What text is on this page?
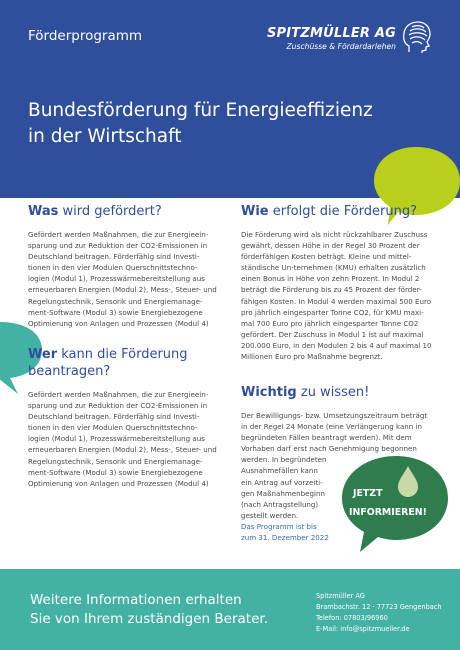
Förderprogramm	SPITZMÜLLER AG
Zuschüsse & Fördardarlehen
Bundesförderung für Energieeffizienz
in der Wirtschaft
Was wird gefördert?
Gefördert werden Maßnahmen, die zur Energieein-
sparung und zur Reduktion der CO2-Emissionen in
Deutschland beitragen. Förderfähig sind Investi-
tionen in den vier Modulen Querschnittstechno-
logien (Modul 1), Prozesswärmebereitstellung aus
erneuerbaren Energien (Modul 2), Mess-, Steuer- und
Regelungstechnik, Sensorik und Energiemanage-
ment-Software (Modul 3) sowie Energiebezogene
Optimierung von Anlagen und Prozessen (Modul 4)
Wer kann die Förderung
beantragen?
Gefördert werden Maßnahmen, die zur Energieein-
sparung und zur Reduktion der CO2-Emissionen in
Deutschland beitragen. Förderfähig sind Investi-
tionen in den vier Modulen Querschnittstechno-
logien (Modul 1), Prozesswärmebereitstellung aus
erneuerbaren Energien (Modul 2), Mess-, Steuer- und
Regelungstechnik, Sensorik und Energiemanage-
ment-Software (Modul 3) sowie Energiebezogene
Optimierung von Anlagen und Prozessen (Modul 4)
Wie erfolgt die Förderung?
Die Förderung wird als nicht rückzahlbarer Zuschuss
gewährt, dessen Höhe in der Regel 30 Prozent der
förderfähigen Kosten beträgt. Kleine und mittel-
ständische Un-ternehmen (KMU) erhalten zusätzlich
einen Bonus in Höhe von zehn Prozent. In Modul 2
beträgt die Förderung bis zu 45 Prozent der förder-
fähigen Kosten. In Modul 4 werden maximal 500 Euro
pro jährlich eingesparter Tonne CO2, für KMU maxi-
mal 700 Euro pro jährlich eingesparter Tonne CO2
gefördert. Der Zuschuss in Modul 1 ist auf maximal
200.000 Euro, in den Modulen 2 bis 4 auf maximal 10
Millionen Euro pro Maßnahme begrenzt.
Wichtig zu wissen!
Der Bewilligungs- bzw. Umsetzungszeitraum beträgt
in der Regel 24 Monate (eine Verlängerung kann in
begründeten Fällen beantragt werden). Mit dem
Vorhaben darf erst nach Genehmigung begonnen
werden. In begründeten
Ausnahmefällen kann
ein Antrag auf vorzeiti-
gen Maßnahmenbeginn
(nach Antragstellung)
gestellt werden.
Das Programm ist bis
zum 31. Dezember 2022
JETZT
INFORMIEREN!
Weitere Informationen erhalten
Sie von Ihrem zuständigen Berater.
Spitzmüller AG
Brambachstr. 12 · 77723 Gengenbach
Telefon: 07803/96960
E-Mail: info@spitzmueller.de
